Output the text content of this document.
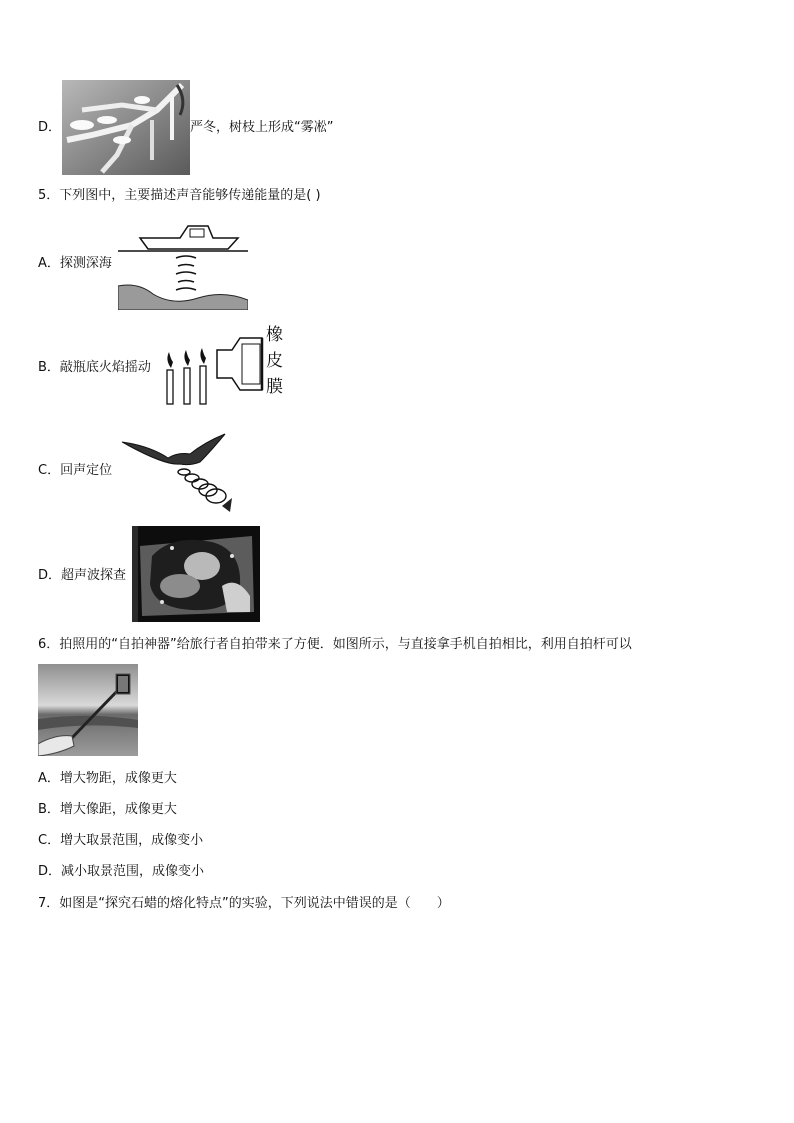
D．	严冬，树枝上形成“雾凇”
5．下列图中，主要描述声音能够传递能量的是( )
A．探测深海
B．敲瓶底火焰摇动
橡
皮
膜
C．回声定位
D．超声波探查
6．拍照用的“自拍神器”给旅行者自拍带来了方便．如图所示，与直接拿手机自拍相比，利用自拍杆可以
A．增大物距，成像更大
B．增大像距，成像更大
C．增大取景范围，成像变小
D．减小取景范围，成像变小
7．如图是“探究石蜡的熔化特点”的实验，下列说法中错误的是（　　）
